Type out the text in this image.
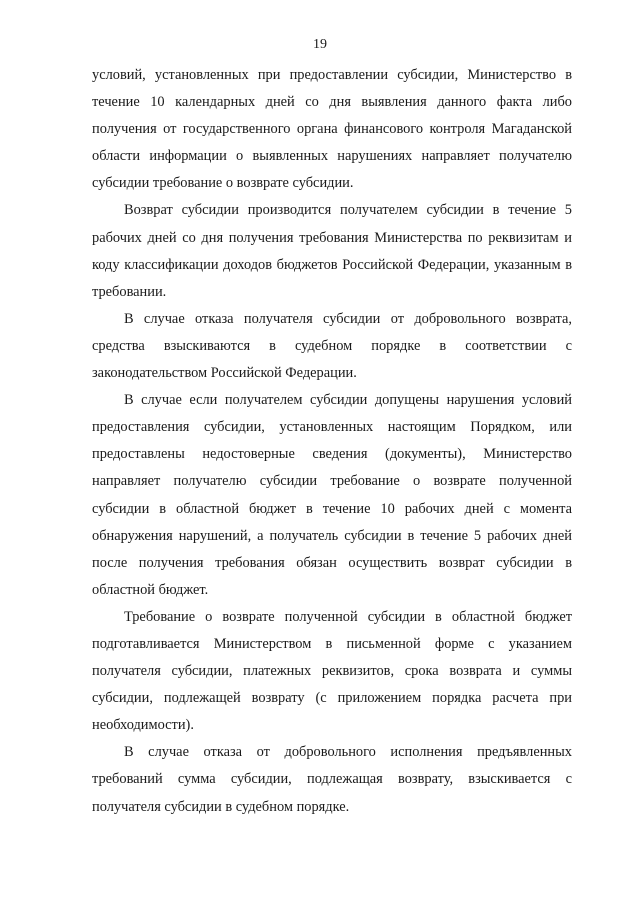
19

условий, установленных при предоставлении субсидии, Министерство в течение 10 календарных дней со дня выявления данного факта либо получения от государственного органа финансового контроля Магаданской области информации о выявленных нарушениях направляет получателю субсидии требование о возврате субсидии.

Возврат субсидии производится получателем субсидии в течение 5 рабочих дней со дня получения требования Министерства по реквизитам и коду классификации доходов бюджетов Российской Федерации, указанным в требовании.

В случае отказа получателя субсидии от добровольного возврата, средства взыскиваются в судебном порядке в соответствии с законодательством Российской Федерации.

В случае если получателем субсидии допущены нарушения условий предоставления субсидии, установленных настоящим Порядком, или предоставлены недостоверные сведения (документы), Министерство направляет получателю субсидии требование о возврате полученной субсидии в областной бюджет в течение 10 рабочих дней с момента обнаружения нарушений, а получатель субсидии в течение 5 рабочих дней после получения требования обязан осуществить возврат субсидии в областной бюджет.

Требование о возврате полученной субсидии в областной бюджет подготавливается Министерством в письменной форме с указанием получателя субсидии, платежных реквизитов, срока возврата и суммы субсидии, подлежащей возврату (с приложением порядка расчета при необходимости).

В случае отказа от добровольного исполнения предъявленных требований сумма субсидии, подлежащая возврату, взыскивается с получателя субсидии в судебном порядке.
